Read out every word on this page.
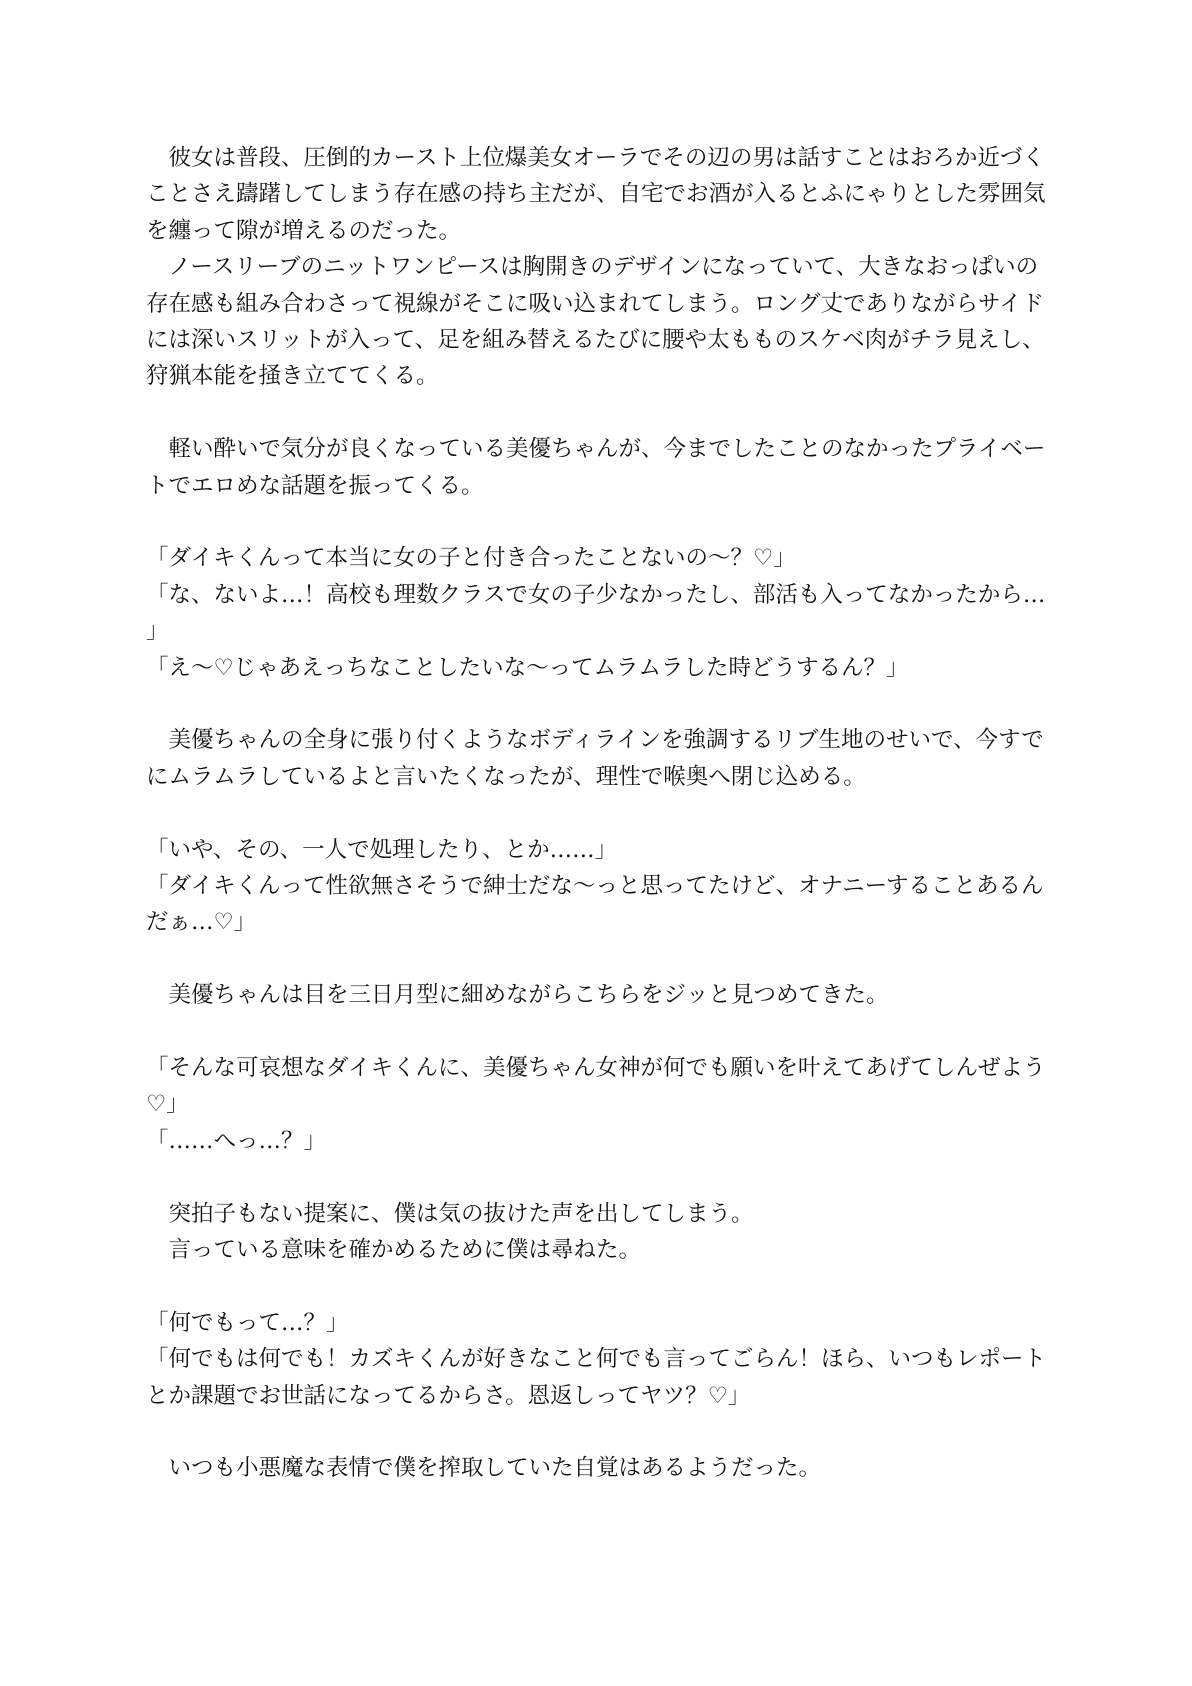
彼女は普段、圧倒的カースト上位爆美女オーラでその辺の男は話すことはおろか近づくことさえ躊躇してしまう存在感の持ち主だが、自宅でお酒が入るとふにゃりとした雰囲気を纏って隙が増えるのだった。

ノースリーブのニットワンピースは胸開きのデザインになっていて、大きなおっぱいの存在感も組み合わさって視線がそこに吸い込まれてしまう。ロング丈でありながらサイドには深いスリットが入って、足を組み替えるたびに腰や太もものスケベ肉がチラ見えし、狩猟本能を掻き立ててくる。

軽い酔いで気分が良くなっている美優ちゃんが、今までしたことのなかったプライベートでエロめな話題を振ってくる。

「ダイキくんって本当に女の子と付き合ったことないの〜？♡」

「な、ないよ…！高校も理数クラスで女の子少なかったし、部活も入ってなかったから…」

「え〜♡じゃあえっちなことしたいな〜ってムラムラした時どうするん？」

美優ちゃんの全身に張り付くようなボディラインを強調するリブ生地のせいで、今すでにムラムラしているよと言いたくなったが、理性で喉奥へ閉じ込める。

「いや、その、一人で処理したり、とか……」

「ダイキくんって性欲無さそうで紳士だな〜っと思ってたけど、オナニーすることあるんだぁ…♡」

美優ちゃんは目を三日月型に細めながらこちらをジッと見つめてきた。

「そんな可哀想なダイキくんに、美優ちゃん女神が何でも願いを叶えてあげてしんぜよう♡」

「……へっ…？」

突拍子もない提案に、僕は気の抜けた声を出してしまう。

言っている意味を確かめるために僕は尋ねた。

「何でもって…？」

「何でもは何でも！カズキくんが好きなこと何でも言ってごらん！ほら、いつもレポートとか課題でお世話になってるからさ。恩返しってヤツ？♡」

いつも小悪魔な表情で僕を搾取していた自覚はあるようだった。
